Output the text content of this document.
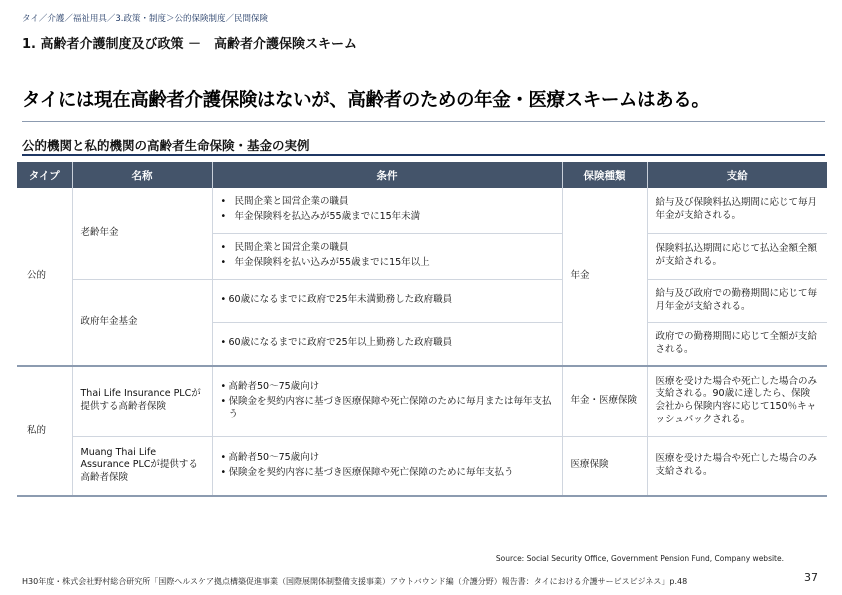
タイ／介護／福祉用具／3.政策・制度＞公的保険制度／民間保険
1. 高齢者介護制度及び政策 －　高齢者介護保険スキーム
タイには現在高齢者介護保険はないが、高齢者のための年金・医療スキームはある。
公的機関と私的機関の高齢者生命保険・基金の実例
タイプ	名称	条件	保険種類	支給
公的	老齢年金	• 民間企業と国営企業の職員
• 年金保険料を払込みが55歳までに15年未満	年金	給与及び保険料払込期間に応じて毎月年金が支給される。

		• 民間企業と国営企業の職員
• 年金保険料を払い込みが55歳までに15年以上		保険料払込期間に応じて払込金額全額が支給される。
	政府年金基金	• 60歳になるまでに政府で25年未満勤務した政府職員		給与及び政府での勤務期間に応じて毎月年金が支給される。

		• 60歳になるまでに政府で25年以上勤務した政府職員		政府での勤務期間に応じて全額が支給される。
私的	Thai Life Insurance PLCが提供する高齢者保険	• 高齢者50～75歳向け
• 保険金を契約内容に基づき医療保障や死亡保障のために毎月または毎年支払う	年金・医療保険	医療を受けた場合や死亡した場合のみ支給される。90歳に達したら、保険会社から保険内容に応じて150％キャッシュバックされる。
	Muang Thai Life Assurance PLCが提供する高齢者保険	• 高齢者50～75歳向け
• 保険金を契約内容に基づき医療保障や死亡保障のために毎年支払う	医療保険	医療を受けた場合や死亡した場合のみ支給される。
Source: Social Security Office, Government Pension Fund, Company website.
H30年度・株式会社野村総合研究所「国際ヘルスケア拠点構築促進事業（国際展開体制整備支援事業）アウトバウンド編（介護分野）報告書：タイにおける介護サービスビジネス」p.48	37
